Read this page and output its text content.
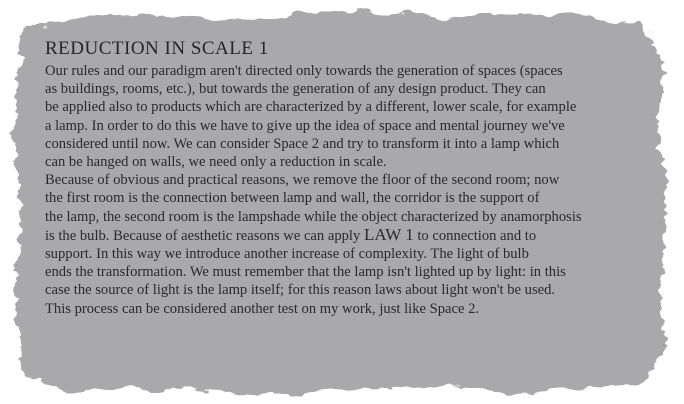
REDUCTION IN SCALE 1
Our rules and our paradigm aren't directed only towards the generation of spaces (spaces
as buildings, rooms, etc.), but towards the generation of any design product. They can
be applied also to products which are characterized by a different, lower scale, for example
a lamp. In order to do this we have to give up the idea of space and mental journey we've
considered until now. We can consider Space 2 and try to transform it into a lamp which
can be hanged on walls, we need only a reduction in scale.
Because of obvious and practical reasons, we remove the floor of the second room; now
the first room is the connection between lamp and wall, the corridor is the support of
the lamp, the second room is the lampshade while the object characterized by anamorphosis
is the bulb. Because of aesthetic reasons we can apply LAW 1 to connection and to
support. In this way we introduce another increase of complexity. The light of bulb
ends the transformation. We must remember that the lamp isn't lighted up by light: in this
case the source of light is the lamp itself; for this reason laws about light won't be used.
This process can be considered another test on my work, just like Space 2.
